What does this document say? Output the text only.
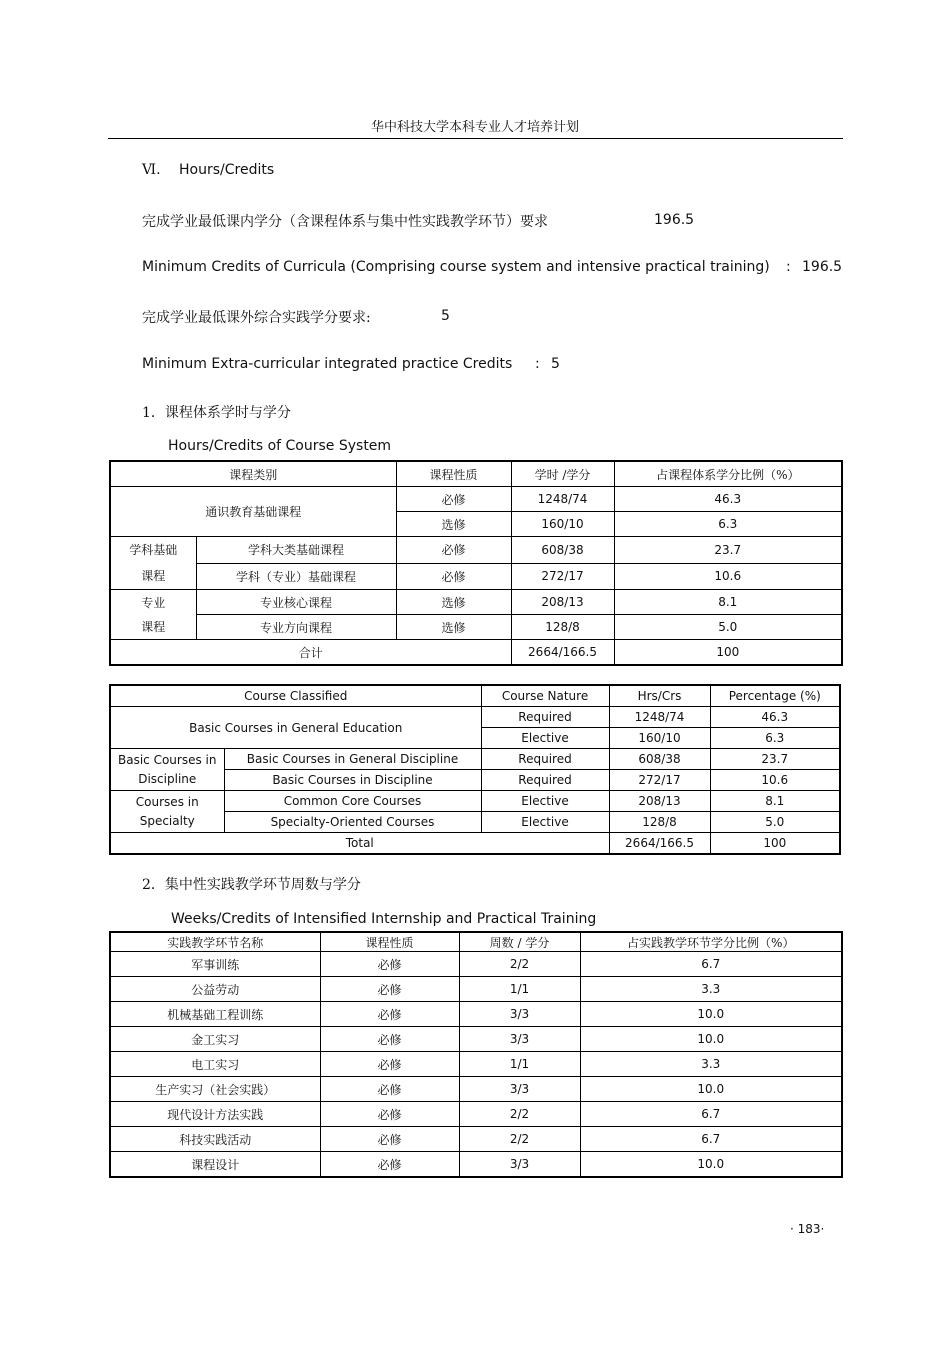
华中科技大学本科专业人才培养计划
Ⅵ. Hours/Credits
完成学业最低课内学分（含课程体系与集中性实践教学环节）要求	196.5
Minimum Credits of Curricula (Comprising course system and intensive practical training) : 196.5
完成学业最低课外综合实践学分要求:	5
Minimum Extra-curricular integrated practice Credits : 5
1．课程体系学时与学分
Hours/Credits of Course System
课程类别		课程性质	学时 /学分	占课程体系学分比例（%）
通识教育基础课程		必修	1248/74	46.3
		选修	160/10	6.3
学科基础
课程	学科大类基础课程	必修	608/38	23.7
	学科（专业）基础课程	必修	272/17	10.6
专业
课程	专业核心课程	选修	208/13	8.1
	专业方向课程	选修	128/8	5.0
合计			2664/166.5	100
Course Classified		Course Nature	Hrs/Crs	Percentage (%)
Basic Courses in General Education		Required	1248/74	46.3
		Elective	160/10	6.3
Basic Courses in Discipline	Basic Courses in General Discipline	Required	608/38	23.7
	Basic Courses in Discipline	Required	272/17	10.6
Courses in Specialty	Common Core Courses	Elective	208/13	8.1
	Specialty-Oriented Courses	Elective	128/8	5.0
Total			2664/166.5	100
2．集中性实践教学环节周数与学分
Weeks/Credits of Intensified Internship and Practical Training
实践教学环节名称	课程性质	周数 / 学分	占实践教学环节学分比例（%）
军事训练	必修	2/2	6.7
公益劳动	必修	1/1	3.3
机械基础工程训练	必修	3/3	10.0
金工实习	必修	3/3	10.0
电工实习	必修	1/1	3.3
生产实习（社会实践）	必修	3/3	10.0
现代设计方法实践	必修	2/2	6.7
科技实践活动	必修	2/2	6.7
课程设计	必修	3/3	10.0
· 183·
